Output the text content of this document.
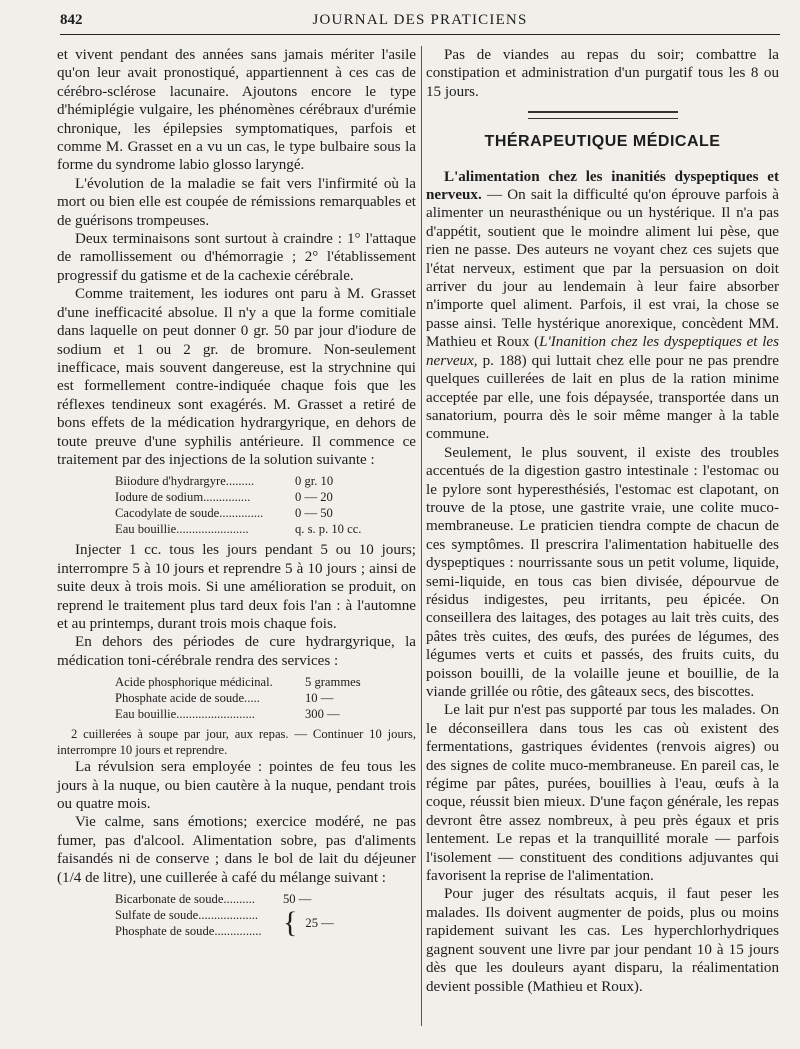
842	JOURNAL DES PRATICIENS

et vivent pendant des années sans jamais mériter l'asile qu'on leur avait pronostiqué, appartiennent à ces cas de cérébro-sclérose lacunaire. Ajoutons encore le type d'hémiplégie vulgaire, les phénomènes cérébraux d'urémie chronique, les épilepsies symptomatiques, parfois et comme M. Grasset en a vu un cas, le type bulbaire sous la forme du syndrome labio glosso laryngé.

L'évolution de la maladie se fait vers l'infirmité où la mort ou bien elle est coupée de rémissions remarquables et de guérisons trompeuses.

Deux terminaisons sont surtout à craindre : 1° l'attaque de ramollissement ou d'hémorragie ; 2° l'établissement progressif du gatisme et de la cachexie cérébrale.

Comme traitement, les iodures ont paru à M. Grasset d'une inefficacité absolue. Il n'y a que la forme comitiale dans laquelle on peut donner 0 gr. 50 par jour d'iodure de sodium et 1 ou 2 gr. de bromure. Non-seulement inefficace, mais souvent dangereuse, est la strychnine qui est formellement contre-indiquée chaque fois que les réflexes tendineux sont exagérés. M. Grasset a retiré de bons effets de la médication hydrargyrique, en dehors de toute preuve d'une syphilis antérieure. Il commence ce traitement par des injections de la solution suivante :

Biiodure d'hydrargyre.........	0 gr. 10
Iodure de sodium...............	0 — 20
Cacodylate de soude..............	0 — 50
Eau bouillie.......................	q. s. p. 10 cc.

Injecter 1 cc. tous les jours pendant 5 ou 10 jours; interrompre 5 à 10 jours et reprendre 5 à 10 jours ; ainsi de suite deux à trois mois. Si une amélioration se produit, on reprend le traitement plus tard deux fois l'an : à l'automne et au printemps, durant trois mois chaque fois.

En dehors des périodes de cure hydrargyrique, la médication toni-cérébrale rendra des services :

Acide phosphorique médicinal.	5 grammes
Phosphate acide de soude.....	10 —
Eau bouillie.........................	300 —

2 cuillerées à soupe par jour, aux repas. — Continuer 10 jours, interrompre 10 jours et reprendre.

La révulsion sera employée : pointes de feu tous les jours à la nuque, ou bien cautère à la nuque, pendant trois ou quatre mois.

Vie calme, sans émotions; exercice modéré, ne pas fumer, pas d'alcool. Alimentation sobre, pas d'aliments faisandés ni de conserve ; dans le bol de lait du déjeuner (1/4 de litre), une cuillerée à café du mélange suivant :

Bicarbonate de soude..........	50 —
Sulfate de soude...................
Phosphate de soude............... { 25 —

Pas de viandes au repas du soir; combattre la constipation et administration d'un purgatif tous les 8 ou 15 jours.

THÉRAPEUTIQUE MÉDICALE

L'alimentation chez les inanitiés dyspeptiques et nerveux. — On sait la difficulté qu'on éprouve parfois à alimenter un neurasthénique ou un hystérique. Il n'a pas d'appétit, soutient que le moindre aliment lui pèse, que rien ne passe. Des auteurs ne voyant chez ces sujets que l'état nerveux, estiment que par la persuasion on doit arriver du jour au lendemain à leur faire absorber n'importe quel aliment. Parfois, il est vrai, la chose se passe ainsi. Telle hystérique anorexique, concèdent MM. Mathieu et Roux (L'Inanition chez les dyspeptiques et les nerveux, p. 188) qui luttait chez elle pour ne pas prendre quelques cuillerées de lait en plus de la ration minime acceptée par elle, une fois dépaysée, transportée dans un sanatorium, pourra dès le soir même manger à la table commune.

Seulement, le plus souvent, il existe des troubles accentués de la digestion gastro intestinale : l'estomac ou le pylore sont hyperesthésiés, l'estomac est clapotant, on trouve de la ptose, une gastrite vraie, une colite muco-membraneuse. Le praticien tiendra compte de chacun de ces symptômes. Il prescrira l'alimentation habituelle des dyspeptiques : nourrissante sous un petit volume, liquide, semi-liquide, en tous cas bien divisée, dépourvue de résidus indigestes, peu irritants, peu épicée. On conseillera des laitages, des potages au lait très cuits, des pâtes très cuites, des œufs, des purées de légumes, des légumes verts et cuits et passés, des fruits cuits, du poisson bouilli, de la volaille jeune et bouillie, de la viande grillée ou rôtie, des gâteaux secs, des biscottes.

Le lait pur n'est pas supporté par tous les malades. On le déconseillera dans tous les cas où existent des fermentations, gastriques évidentes (renvois aigres) ou des signes de colite muco-membraneuse. En pareil cas, le régime par pâtes, purées, bouillies à l'eau, œufs à la coque, réussit bien mieux. D'une façon générale, les repas devront être assez nombreux, à peu près égaux et pris lentement. Le repas et la tranquillité morale — parfois l'isolement — constituent des conditions adjuvantes qui favorisent la reprise de l'alimentation.

Pour juger des résultats acquis, il faut peser les malades. Ils doivent augmenter de poids, plus ou moins rapidement suivant les cas. Les hyperchlorhydriques gagnent souvent une livre par jour pendant 10 à 15 jours dès que les douleurs ayant disparu, la réalimentation devient possible (Mathieu et Roux).
